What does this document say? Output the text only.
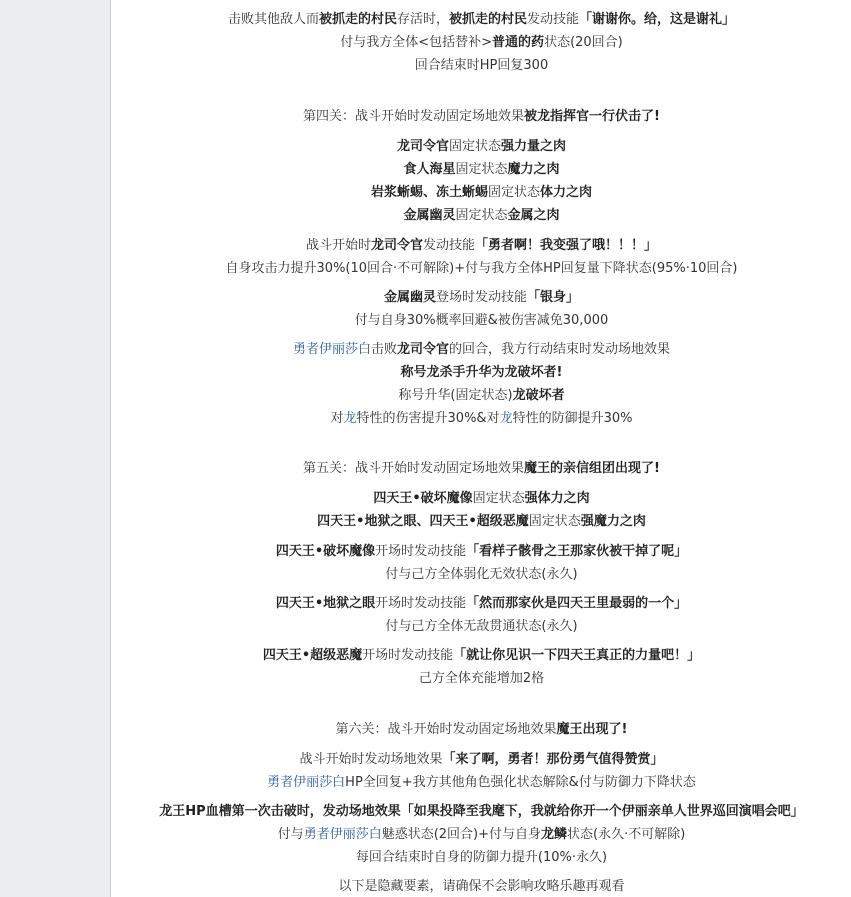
击败其他敌人而被抓走的村民存活时，被抓走的村民发动技能「谢谢你。给，这是谢礼」
付与我方全体<包括替补>普通的药状态(20回合)
回合结束时HP回复300
第四关：战斗开始时发动固定场地效果被龙指挥官一行伏击了!
龙司令官固定状态强力量之肉
食人海星固定状态魔力之肉
岩浆蜥蜴、冻土蜥蜴固定状态体力之肉
金属幽灵固定状态金属之肉
战斗开始时龙司令官发动技能「勇者啊！我变强了哦！！！」
自身攻击力提升30%(10回合·不可解除)+付与我方全体HP回复量下降状态(95%·10回合)
金属幽灵登场时发动技能「银身」
付与自身30%概率回避&被伤害减免30,000
勇者伊丽莎白击败龙司令官的回合，我方行动结束时发动场地效果
称号龙杀手升华为龙破坏者!
称号升华(固定状态)龙破坏者
对龙特性的伤害提升30%&对龙特性的防御提升30%
第五关：战斗开始时发动固定场地效果魔王的亲信组团出现了!
四天王•破坏魔像固定状态强体力之肉
四天王•地狱之眼、四天王•超级恶魔固定状态强魔力之肉
四天王•破坏魔像开场时发动技能「看样子骸骨之王那家伙被干掉了呢」
付与己方全体弱化无效状态(永久)
四天王•地狱之眼开场时发动技能「然而那家伙是四天王里最弱的一个」
付与己方全体无敌贯通状态(永久)
四天王•超级恶魔开场时发动技能「就让你见识一下四天王真正的力量吧！」
己方全体充能增加2格
第六关：战斗开始时发动固定场地效果魔王出现了!
战斗开始时发动场地效果「来了啊，勇者！那份勇气值得赞赏」
勇者伊丽莎白HP全回复+我方其他角色强化状态解除&付与防御力下降状态
龙王HP血槽第一次击破时，发动场地效果「如果投降至我麾下，我就给你开一个伊丽亲单人世界巡回演唱会吧」
付与勇者伊丽莎白魅惑状态(2回合)+付与自身龙鳞状态(永久·不可解除)
每回合结束时自身的防御力提升(10%·永久)
以下是隐藏要素，请确保不会影响攻略乐趣再观看
